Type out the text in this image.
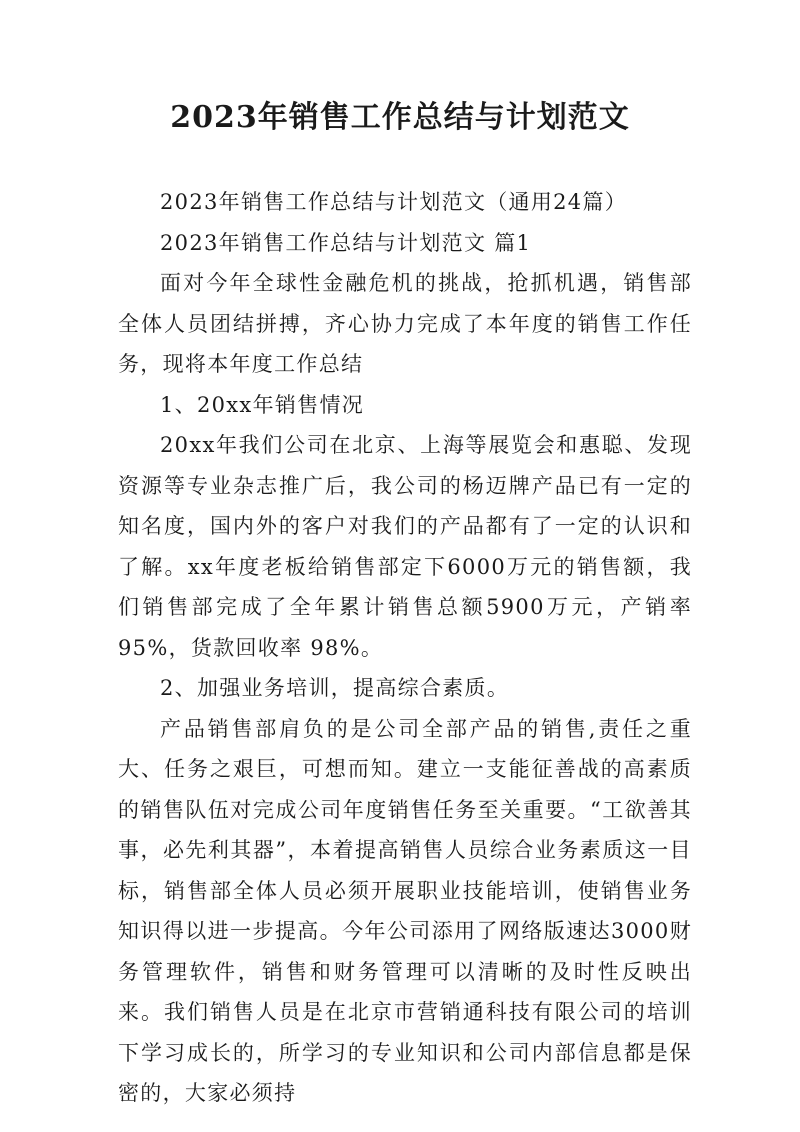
2023年销售工作总结与计划范文

2023年销售工作总结与计划范文（通用24篇）

2023年销售工作总结与计划范文 篇1

面对今年全球性金融危机的挑战，抢抓机遇，销售部全体人员团结拼搏，齐心协力完成了本年度的销售工作任务，现将本年度工作总结

1、20xx年销售情况

20xx年我们公司在北京、上海等展览会和惠聪、发现资源等专业杂志推广后，我公司的杨迈牌产品已有一定的知名度，国内外的客户对我们的产品都有了一定的认识和了解。xx年度老板给销售部定下6000万元的销售额，我们销售部完成了全年累计销售总额5900万元，产销率95%，货款回收率 98%。

2、加强业务培训，提高综合素质。

产品销售部肩负的是公司全部产品的销售,责任之重大、任务之艰巨，可想而知。建立一支能征善战的高素质的销售队伍对完成公司年度销售任务至关重要。“工欲善其事，必先利其器”，本着提高销售人员综合业务素质这一目标，销售部全体人员必须开展职业技能培训，使销售业务知识得以进一步提高。今年公司添用了网络版速达3000财务管理软件，销售和财务管理可以清晰的及时性反映出来。我们销售人员是在北京市营销通科技有限公司的培训下学习成长的，所学习的专业知识和公司内部信息都是保密的，大家必须持
